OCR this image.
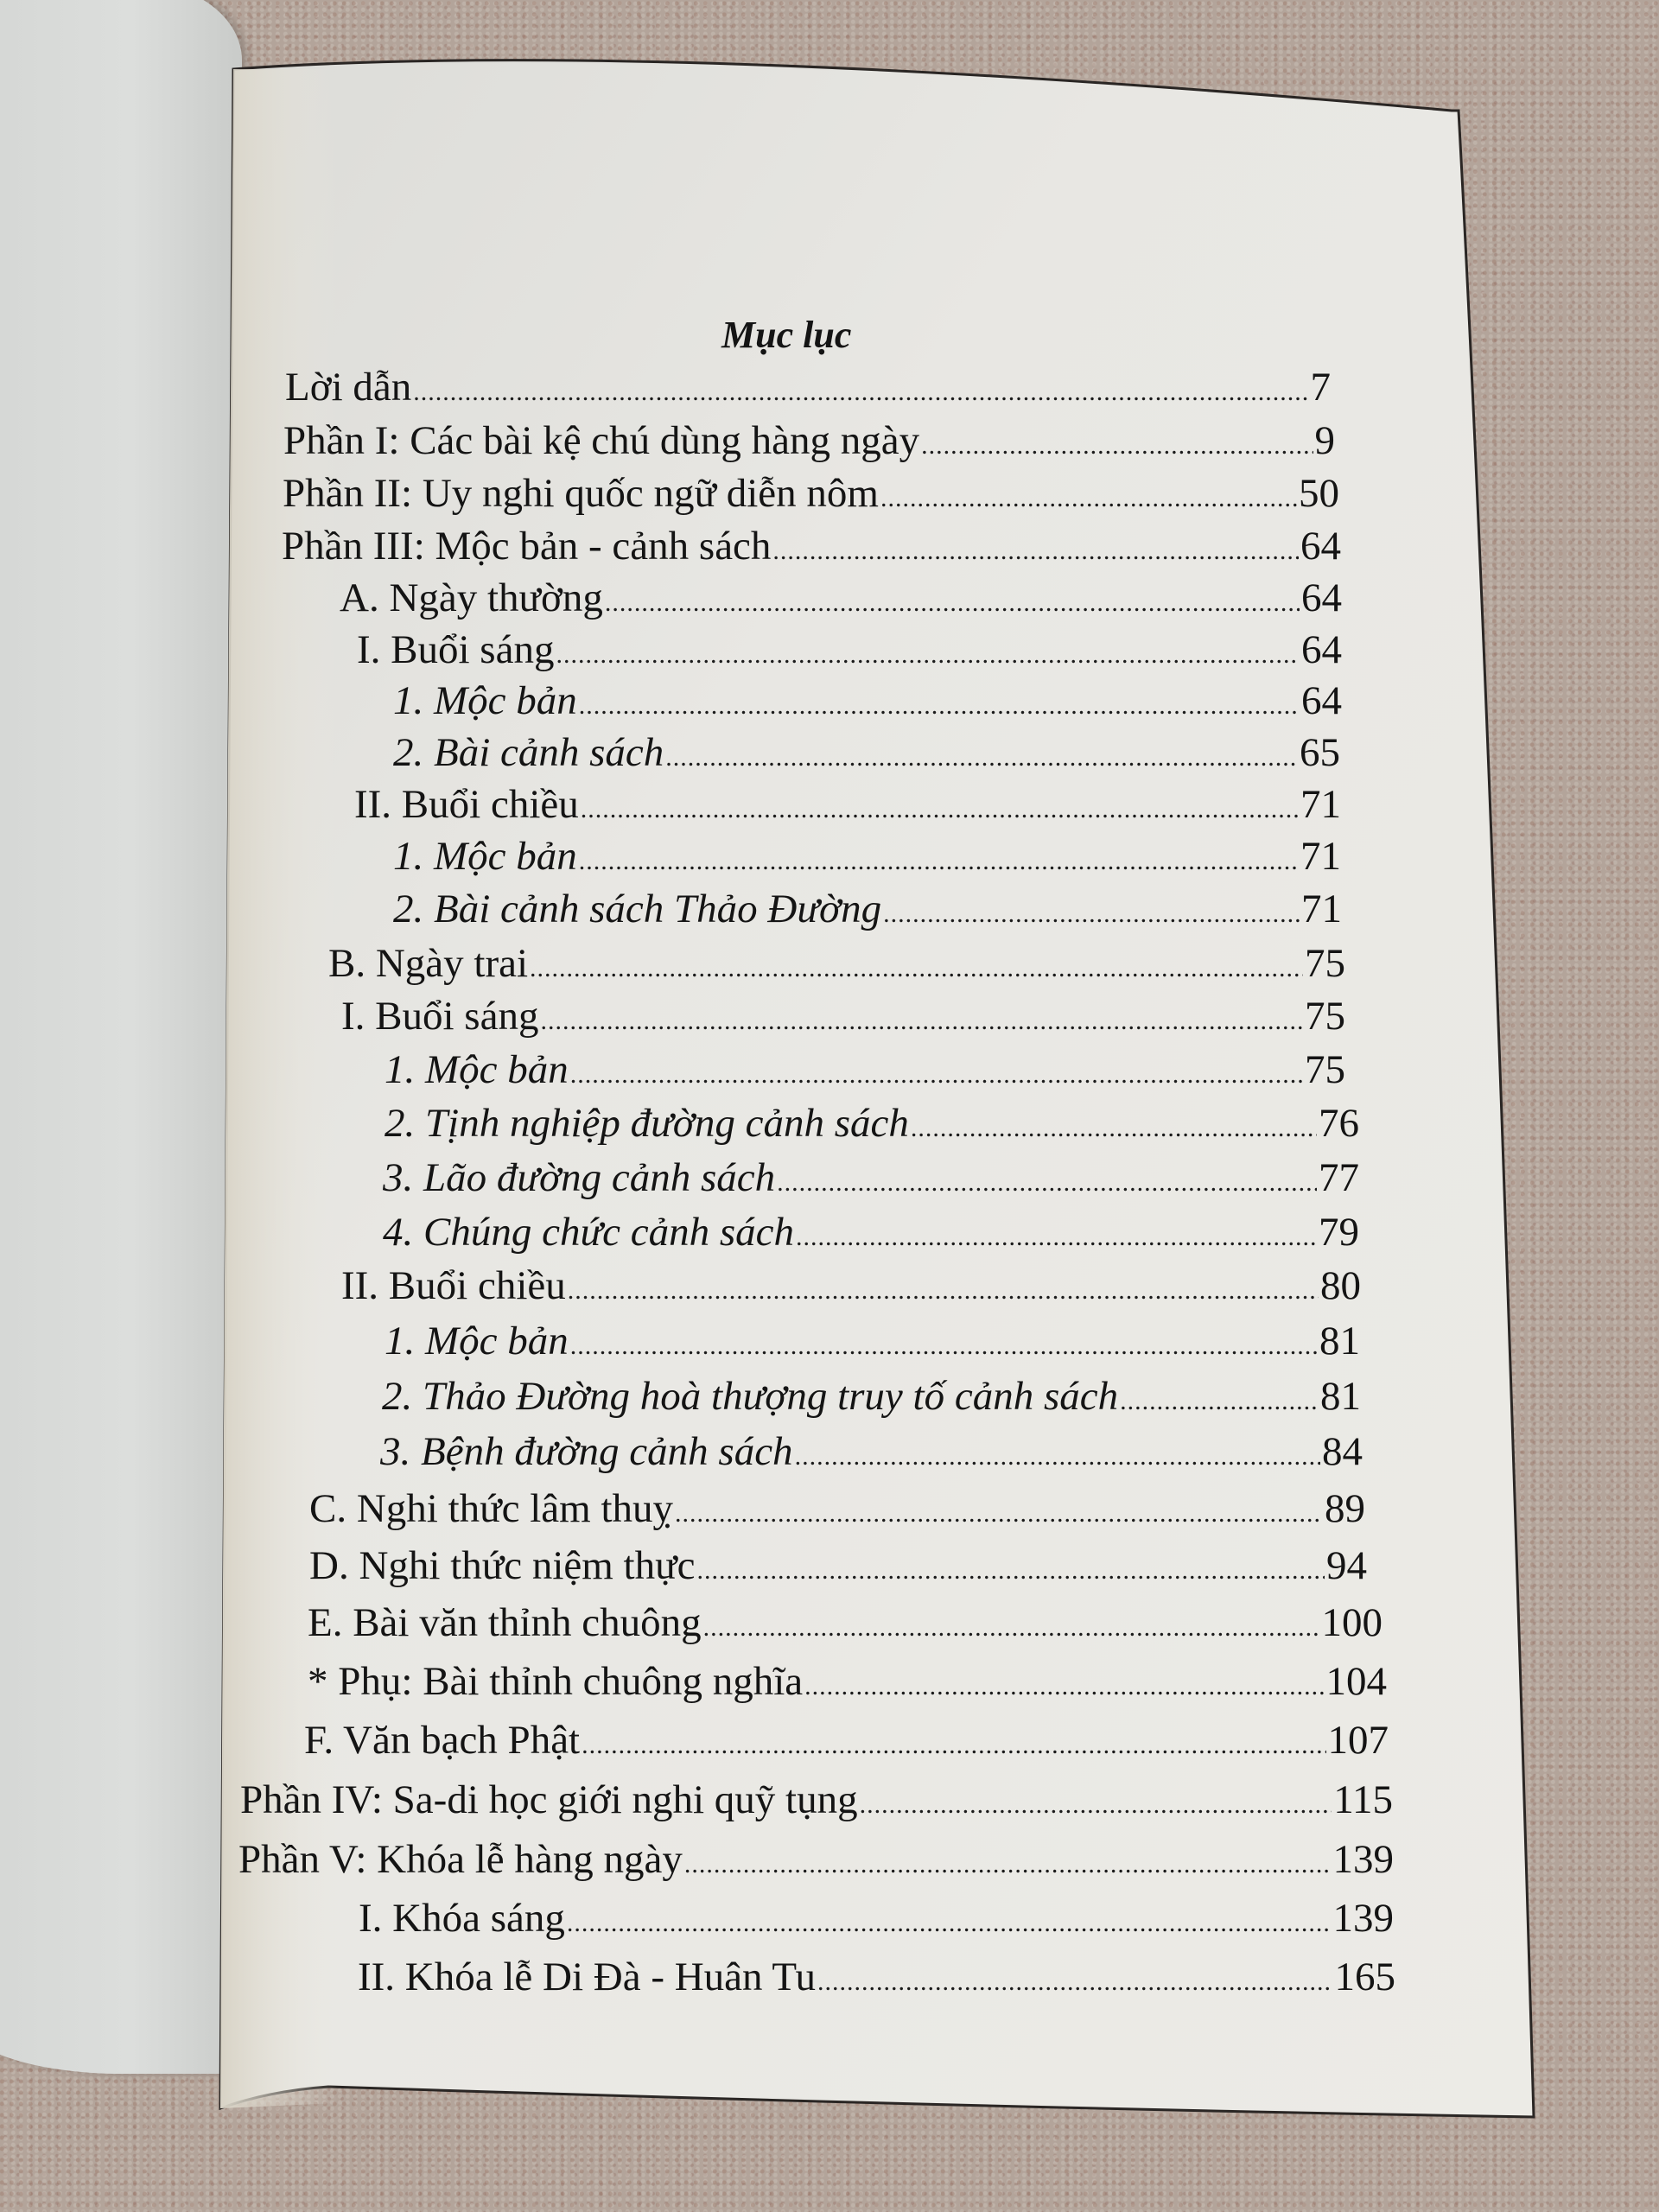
Mục lục
Lời dẫn .....	7
Phần I: Các bài kệ chú dùng hàng ngày .....	9
Phần II: Uy nghi quốc ngữ diễn nôm .....	50
Phần III: Mộc bản - cảnh sách .....	64
A. Ngày thường .....	64
I. Buổi sáng .....	64
1. Mộc bản .....	64
2. Bài cảnh sách .....	65
II. Buổi chiều .....	71
1. Mộc bản .....	71
2. Bài cảnh sách Thảo Đường .....	71
B. Ngày trai .....	75
I. Buổi sáng .....	75
1. Mộc bản .....	75
2. Tịnh nghiệp đường cảnh sách .....	76
3. Lão đường cảnh sách .....	77
4. Chúng chức cảnh sách .....	79
II. Buổi chiều .....	80
1. Mộc bản .....	81
2. Thảo Đường hoà thượng truy tố cảnh sách .....	81
3. Bệnh đường cảnh sách .....	84
C. Nghi thức lâm thuỵ .....	89
D. Nghi thức niệm thực .....	94
E. Bài văn thỉnh chuông .....	100
* Phụ: Bài thỉnh chuông nghĩa .....	104
F. Văn bạch Phật .....	107
Phần IV: Sa-di học giới nghi quỹ tụng .....	115
Phần V: Khóa lễ hàng ngày .....	139
I. Khóa sáng .....	139
II. Khóa lễ Di Đà - Huân Tu .....	165
